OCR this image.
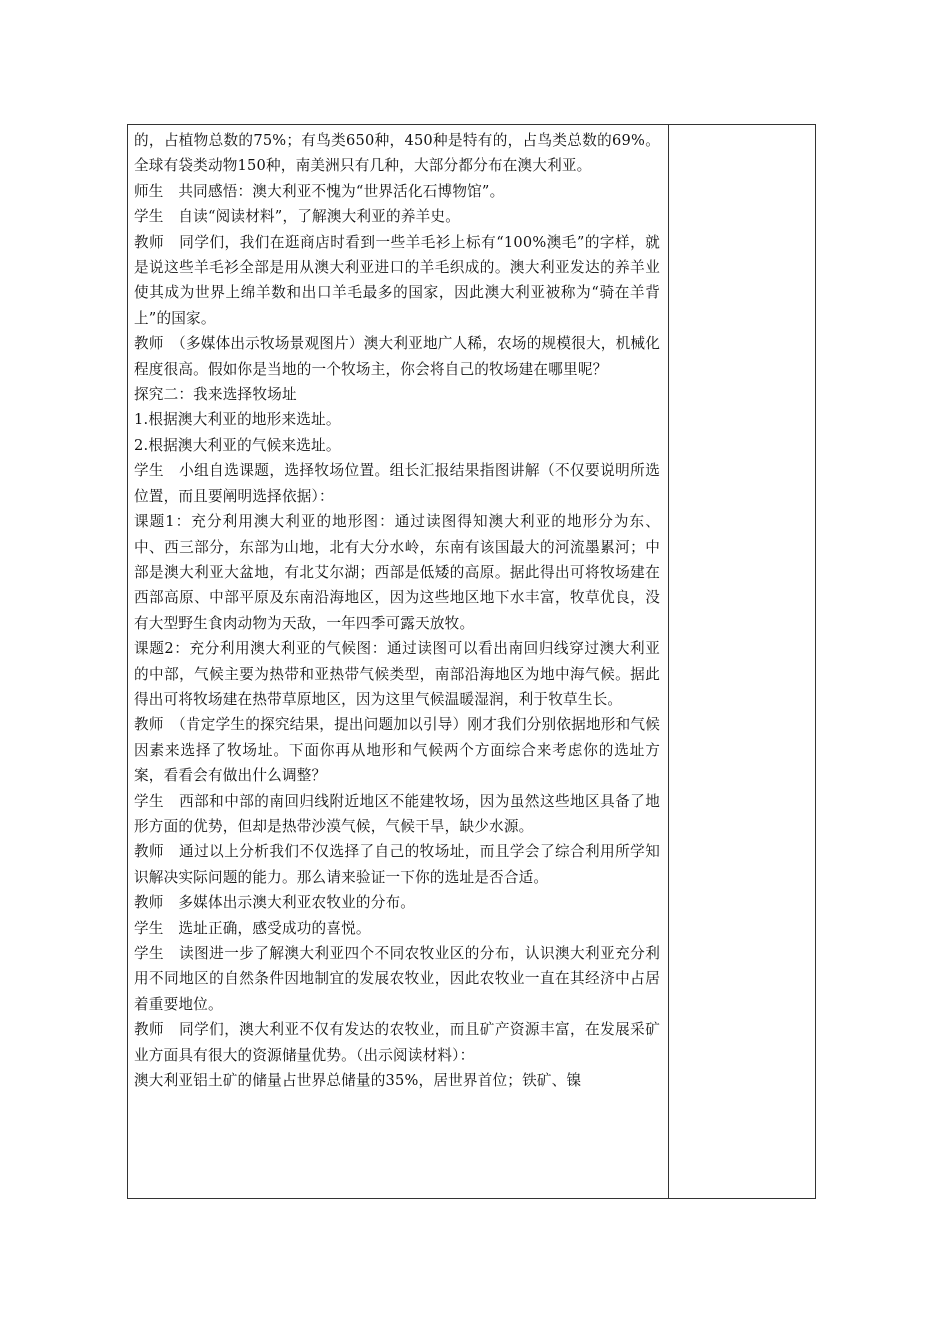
的，占植物总数的75%；有鸟类650种，450种是特有的，占鸟类总数的69%。全球有袋类动物150种，南美洲只有几种，大部分都分布在澳大利亚。

师生　共同感悟：澳大利亚不愧为“世界活化石博物馆”。

学生　自读“阅读材料”，了解澳大利亚的养羊史。

教师　同学们，我们在逛商店时看到一些羊毛衫上标有“100%澳毛”的字样，就是说这些羊毛衫全部是用从澳大利亚进口的羊毛织成的。澳大利亚发达的养羊业使其成为世界上绵羊数和出口羊毛最多的国家，因此澳大利亚被称为“骑在羊背上”的国家。

教师　（多媒体出示牧场景观图片）澳大利亚地广人稀，农场的规模很大，机械化程度很高。假如你是当地的一个牧场主，你会将自己的牧场建在哪里呢？

探究二：我来选择牧场址

1.根据澳大利亚的地形来选址。

2.根据澳大利亚的气候来选址。

学生　小组自选课题，选择牧场位置。组长汇报结果指图讲解（不仅要说明所选位置，而且要阐明选择依据）：

课题1：充分利用澳大利亚的地形图：通过读图得知澳大利亚的地形分为东、中、西三部分，东部为山地，北有大分水岭，东南有该国最大的河流墨累河；中部是澳大利亚大盆地，有北艾尔湖；西部是低矮的高原。据此得出可将牧场建在西部高原、中部平原及东南沿海地区，因为这些地区地下水丰富，牧草优良，没有大型野生食肉动物为天敌，一年四季可露天放牧。

课题2：充分利用澳大利亚的气候图：通过读图可以看出南回归线穿过澳大利亚的中部，气候主要为热带和亚热带气候类型，南部沿海地区为地中海气候。据此得出可将牧场建在热带草原地区，因为这里气候温暖湿润，利于牧草生长。

教师　（肯定学生的探究结果，提出问题加以引导）刚才我们分别依据地形和气候因素来选择了牧场址。下面你再从地形和气候两个方面综合来考虑你的选址方案，看看会有做出什么调整？

学生　西部和中部的南回归线附近地区不能建牧场，因为虽然这些地区具备了地形方面的优势，但却是热带沙漠气候，气候干旱，缺少水源。

教师　通过以上分析我们不仅选择了自己的牧场址，而且学会了综合利用所学知识解决实际问题的能力。那么请来验证一下你的选址是否合适。

教师　多媒体出示澳大利亚农牧业的分布。

学生　选址正确，感受成功的喜悦。

学生　读图进一步了解澳大利亚四个不同农牧业区的分布，认识澳大利亚充分利用不同地区的自然条件因地制宜的发展农牧业，因此农牧业一直在其经济中占居着重要地位。

教师　同学们，澳大利亚不仅有发达的农牧业，而且矿产资源丰富，在发展采矿业方面具有很大的资源储量优势。（出示阅读材料）：

澳大利亚铝土矿的储量占世界总储量的35%，居世界首位；铁矿、镍
